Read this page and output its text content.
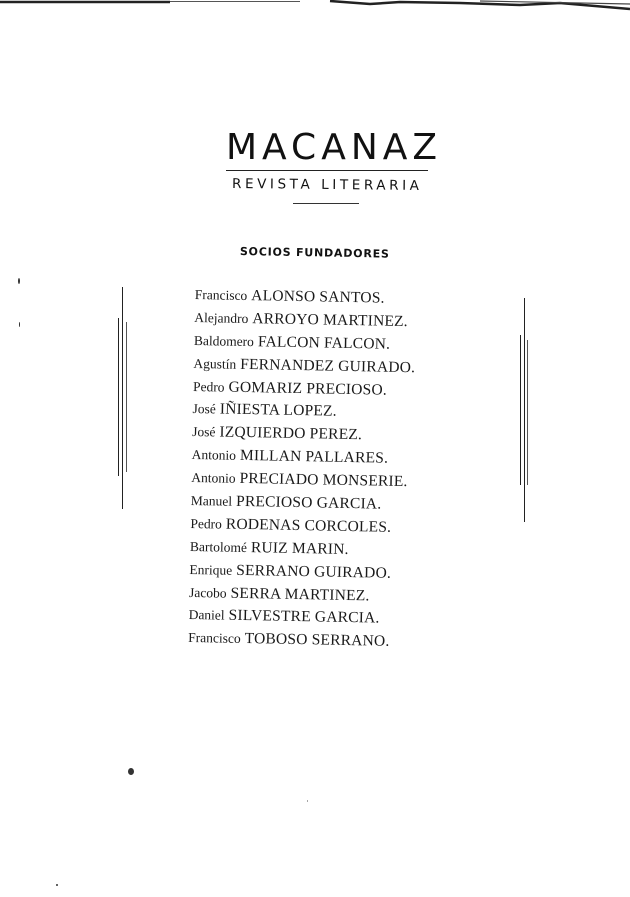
MACANAZ
REVISTA LITERARIA
SOCIOS FUNDADORES
Francisco ALONSO SANTOS.
Alejandro ARROYO MARTINEZ.
Baldomero FALCON FALCON.
Agustín FERNANDEZ GUIRADO.
Pedro GOMARIZ PRECIOSO.
José IÑIESTA LOPEZ.
José IZQUIERDO PEREZ.
Antonio MILLAN PALLARES.
Antonio PRECIADO MONSERIE.
Manuel PRECIOSO GARCIA.
Pedro RODENAS CORCOLES.
Bartolomé RUIZ MARIN.
Enrique SERRANO GUIRADO.
Jacobo SERRA MARTINEZ.
Daniel SILVESTRE GARCIA.
Francisco TOBOSO SERRANO.
